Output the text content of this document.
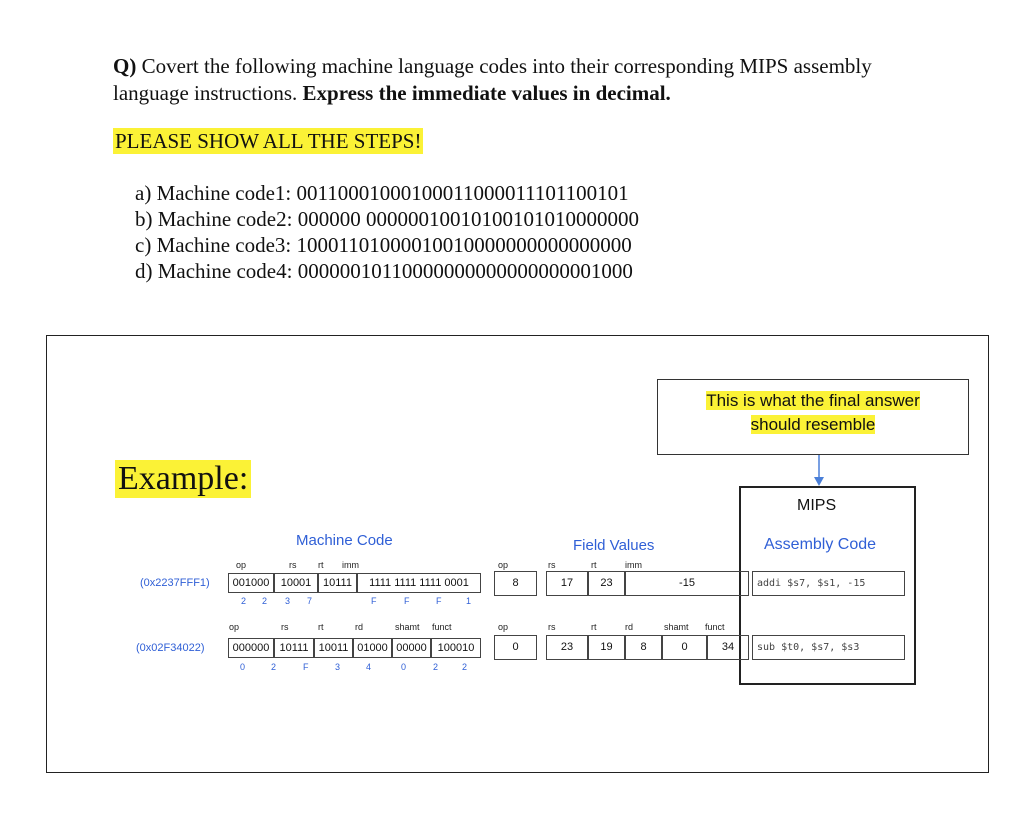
Q) Covert the following machine language codes into their corresponding MIPS assembly language instructions. Express the immediate values in decimal.
PLEASE SHOW ALL THE STEPS!
a) Machine code1: 00110001000100011000011101100101
b) Machine code2: 000000 00000010010100101010000000
c) Machine code3: 10001101000010010000000000000000
d) Machine code4: 00000010110000000000000000001000
This is what the final answer
should resemble
Example:
MIPS
Assembly Code
Machine Code	Field Values
op	rs rt imm
(0x2237FFF1)	001000	10001	10111	1111 1111 1111 0001
2 2 3 7	F	F	F	1
op	rs	rt	imm
8	17	23	-15	addi $s7, $s1, -15
op	rs	rt	rd	shamt funct
(0x02F34022)	000000 10111 10011 01000 00000 100010
0	2	F	3	4	0	2	2
op	rs	rt	rd	shamt funct
0	23	19	8	0	34	sub $t0, $s7, $s3
